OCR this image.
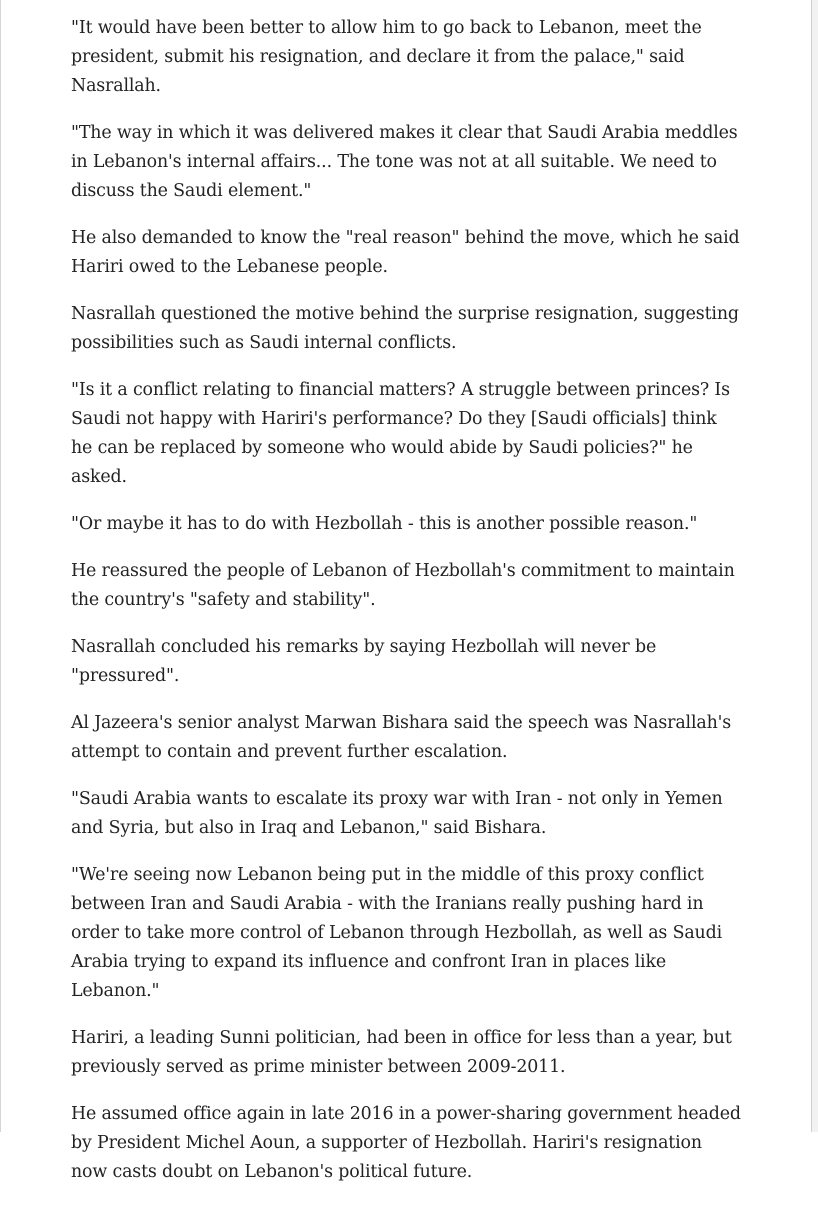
"It would have been better to allow him to go back to Lebanon, meet the president, submit his resignation, and declare it from the palace," said Nasrallah.

"The way in which it was delivered makes it clear that Saudi Arabia meddles in Lebanon's internal affairs... The tone was not at all suitable. We need to discuss the Saudi element."

He also demanded to know the "real reason" behind the move, which he said Hariri owed to the Lebanese people.

Nasrallah questioned the motive behind the surprise resignation, suggesting possibilities such as Saudi internal conflicts.

"Is it a conflict relating to financial matters? A struggle between princes? Is Saudi not happy with Hariri's performance? Do they [Saudi officials] think he can be replaced by someone who would abide by Saudi policies?" he asked.

"Or maybe it has to do with Hezbollah - this is another possible reason."

He reassured the people of Lebanon of Hezbollah's commitment to maintain the country's "safety and stability".

Nasrallah concluded his remarks by saying Hezbollah will never be "pressured".

Al Jazeera's senior analyst Marwan Bishara said the speech was Nasrallah's attempt to contain and prevent further escalation.

"Saudi Arabia wants to escalate its proxy war with Iran - not only in Yemen and Syria, but also in Iraq and Lebanon," said Bishara.

"We're seeing now Lebanon being put in the middle of this proxy conflict between Iran and Saudi Arabia - with the Iranians really pushing hard in order to take more control of Lebanon through Hezbollah, as well as Saudi Arabia trying to expand its influence and confront Iran in places like Lebanon."

Hariri, a leading Sunni politician, had been in office for less than a year, but previously served as prime minister between 2009-2011.

He assumed office again in late 2016 in a power-sharing government headed by President Michel Aoun, a supporter of Hezbollah. Hariri's resignation now casts doubt on Lebanon's political future.
